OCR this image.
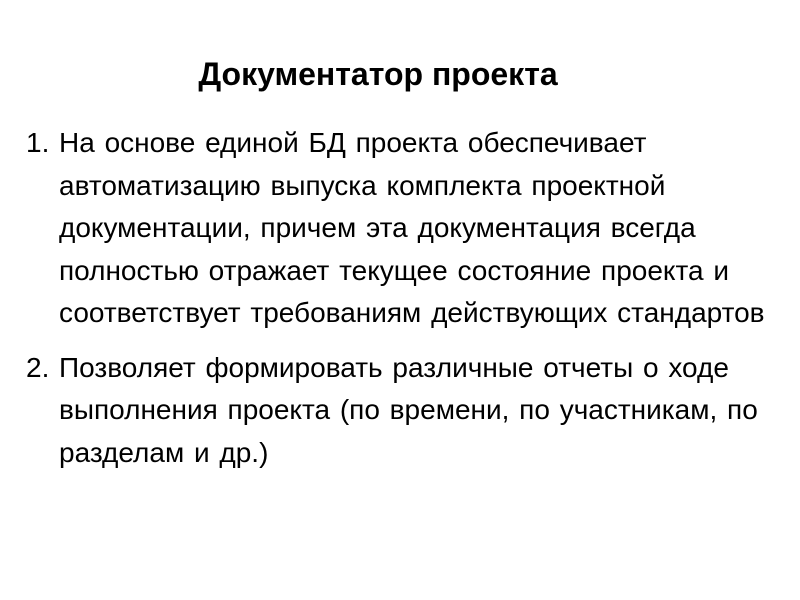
Документатор проекта
1. На основе единой БД проекта обеспечивает автоматизацию выпуска комплекта проектной документации, причем эта документация всегда полностью отражает текущее состояние проекта и соответствует требованиям действующих стандартов
2. Позволяет формировать различные отчеты о ходе выполнения проекта (по времени, по участникам, по разделам и др.)
